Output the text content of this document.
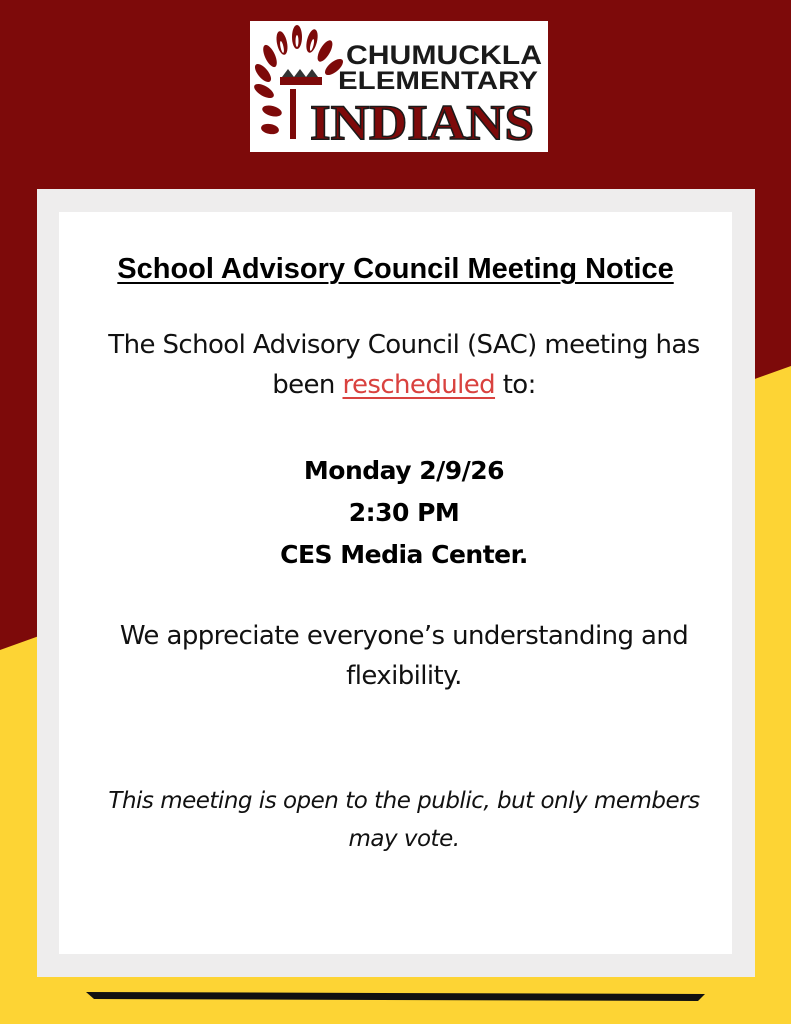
CHUMUCKLA
ELEMENTARY
INDIANS
School Advisory Council Meeting Notice

The School Advisory Council (SAC) meeting has been rescheduled to:

Monday 2/9/26
2:30 PM
CES Media Center.

We appreciate everyone’s understanding and flexibility.

This meeting is open to the public, but only members may vote.
